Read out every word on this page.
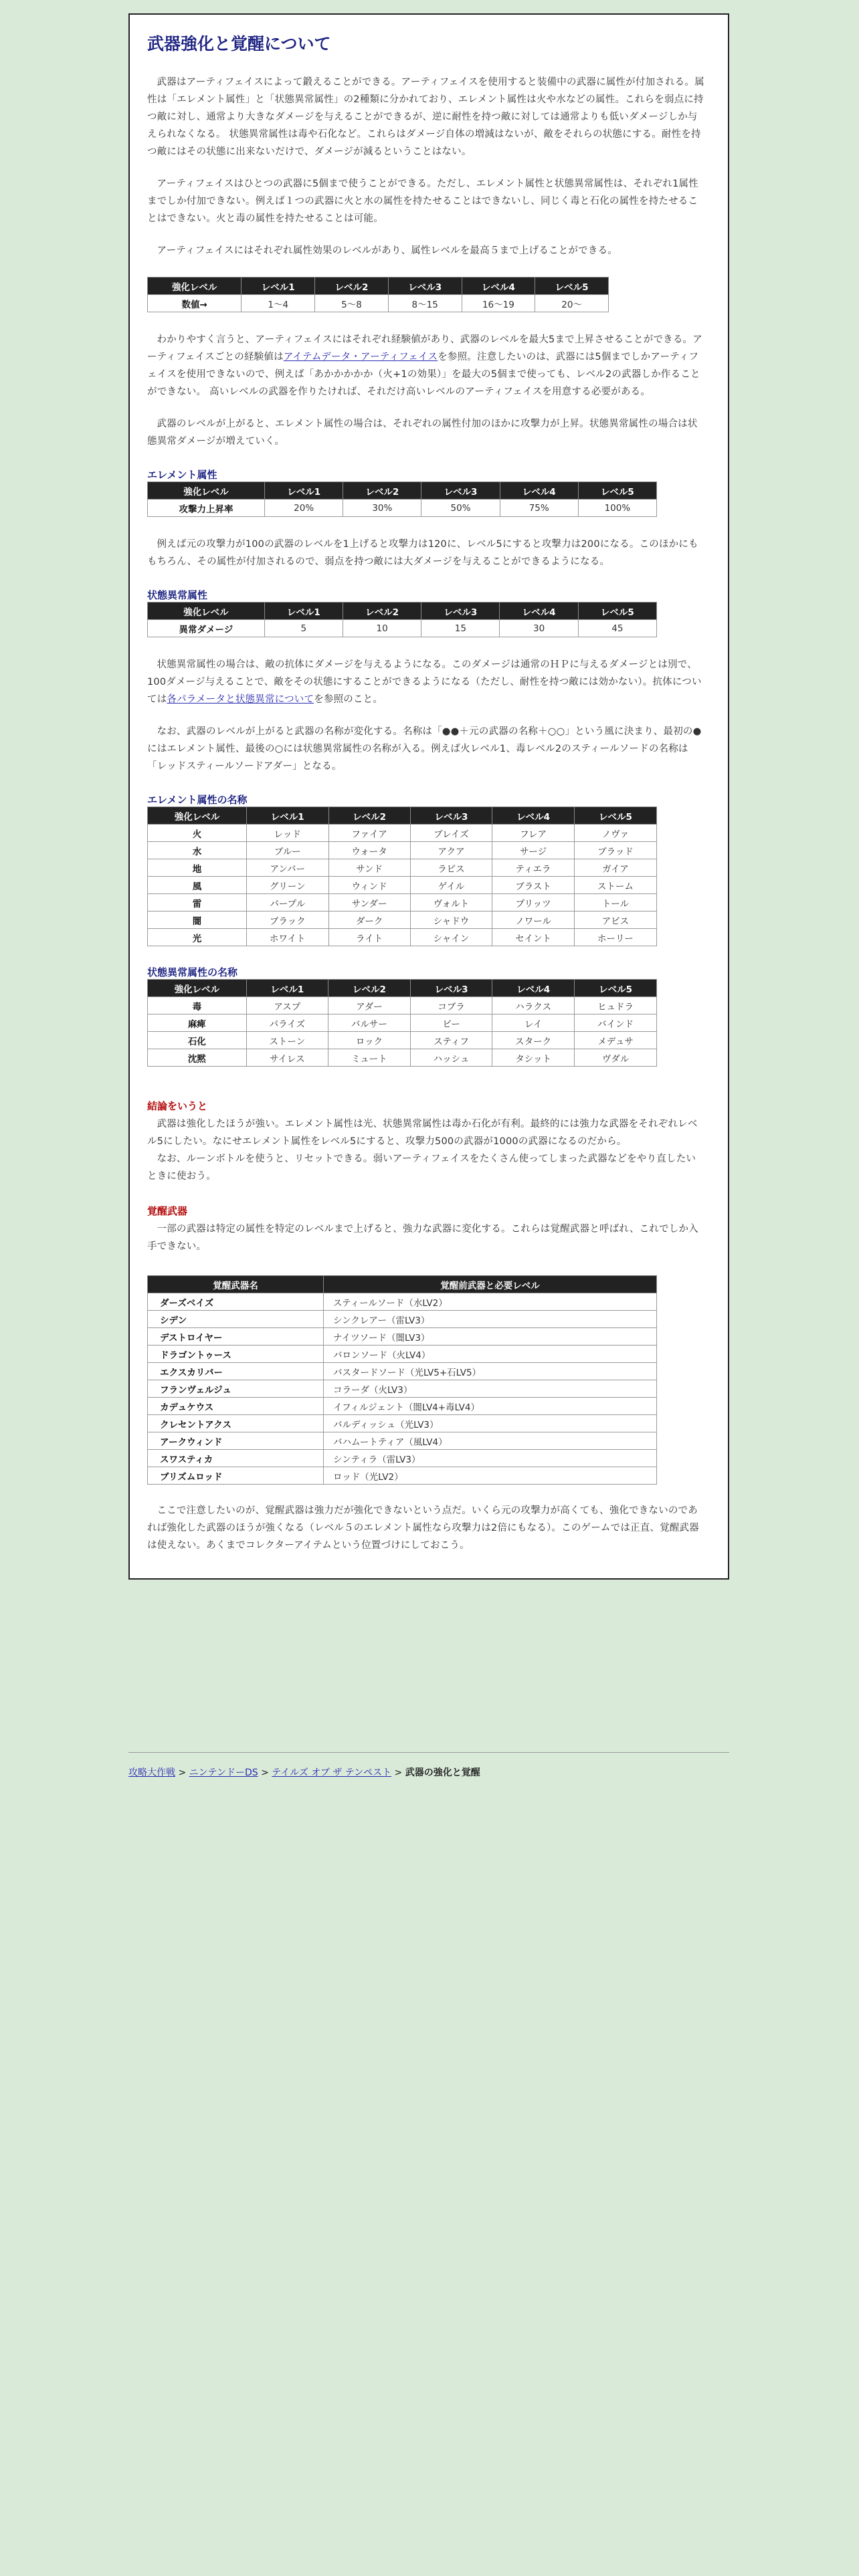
武器強化と覚醒について

武器はアーティフェイスによって鍛えることができる。アーティフェイスを使用すると装備中の武器に属性が付加される。属性は「エレメント属性」と「状態異常属性」の2種類に分かれており、エレメント属性は火や水などの属性。これらを弱点に持つ敵に対し、通常より大きなダメージを与えることができるが、逆に耐性を持つ敵に対しては通常よりも低いダメージしか与えられなくなる。 状態異常属性は毒や石化など。これらはダメージ自体の増減はないが、敵をそれらの状態にする。耐性を持つ敵にはその状態に出来ないだけで、ダメージが減るということはない。

アーティフェイスはひとつの武器に5個まで使うことができる。ただし、エレメント属性と状態異常属性は、それぞれ1属性までしか付加できない。例えば１つの武器に火と水の属性を持たせることはできないし、同じく毒と石化の属性を持たせることはできない。火と毒の属性を持たせることは可能。

アーティフェイスにはそれぞれ属性効果のレベルがあり、属性レベルを最高５まで上げることができる。

強化レベル	レベル1	レベル2	レベル3	レベル4	レベル5
数値→	1～4	5～8	8～15	16～19	20～

わかりやすく言うと、アーティフェイスにはそれぞれ経験値があり、武器のレベルを最大5まで上昇させることができる。アーティフェイスごとの経験値はアイテムデータ・アーティフェイスを参照。注意したいのは、武器には5個までしかアーティフェイスを使用できないので、例えば「あかかかかか（火+1の効果）」を最大の5個まで使っても、レベル2の武器しか作ることができない。 高いレベルの武器を作りたければ、それだけ高いレベルのアーティフェイスを用意する必要がある。

武器のレベルが上がると、エレメント属性の場合は、それぞれの属性付加のほかに攻撃力が上昇。状態異常属性の場合は状態異常ダメージが増えていく。

エレメント属性
強化レベル	レベル1	レベル2	レベル3	レベル4	レベル5
攻撃力上昇率	20%	30%	50%	75%	100%

例えば元の攻撃力が100の武器のレベルを1上げると攻撃力は120に、レベル5にすると攻撃力は200になる。このほかにももちろん、その属性が付加されるので、弱点を持つ敵には大ダメージを与えることができるようになる。

状態異常属性
強化レベル	レベル1	レベル2	レベル3	レベル4	レベル5
異常ダメージ	5	10	15	30	45

状態異常属性の場合は、敵の抗体にダメージを与えるようになる。このダメージは通常のＨＰに与えるダメージとは別で、100ダメージ与えることで、敵をその状態にすることができるようになる（ただし、耐性を持つ敵には効かない）。抗体については各パラメータと状態異常についてを参照のこと。

なお、武器のレベルが上がると武器の名称が変化する。名称は「●●＋元の武器の名称＋○○」という風に決まり、最初の●にはエレメント属性、最後の○には状態異常属性の名称が入る。例えば火レベル1、毒レベル2のスティールソードの名称は「レッドスティールソードアダー」となる。

エレメント属性の名称
強化レベル	レベル1	レベル2	レベル3	レベル4	レベル5
火	レッド	ファイア	ブレイズ	フレア	ノヴァ
水	ブルー	ウォータ	アクア	サージ	ブラッド
地	アンバー	サンド	ラピス	ティエラ	ガイア
風	グリーン	ウィンド	ゲイル	ブラスト	ストーム
雷	パープル	サンダー	ヴォルト	プリッツ	トール
闇	ブラック	ダーク	シャドウ	ノワール	アビス
光	ホワイト	ライト	シャイン	セイント	ホーリー
状態異常属性の名称
強化レベル	レベル1	レベル2	レベル3	レベル4	レベル5
毒	アスプ	アダー	コブラ	ハラクス	ヒュドラ
麻痺	パライズ	バルサー	ビー	レイ	バインド
石化	ストーン	ロック	スティフ	スターク	メデュサ
沈黙	サイレス	ミュート	ハッシュ	タシット	ヴダル
結論をいうと

武器は強化したほうが強い。エレメント属性は光、状態異常属性は毒か石化が有利。最終的には強力な武器をそれぞれレベル5にしたい。なにせエレメント属性をレベル5にすると、攻撃力500の武器が1000の武器になるのだから。

なお、ルーンボトルを使うと、リセットできる。弱いアーティフェイスをたくさん使ってしまった武器などをやり直したいときに使おう。

覚醒武器

一部の武器は特定の属性を特定のレベルまで上げると、強力な武器に変化する。これらは覚醒武器と呼ばれ、これでしか入手できない。

覚醒武器名	覚醒前武器と必要レベル
ダーズベイズ	スティールソード（水LV2）
シデン	シンクレアー（雷LV3）
デストロイヤー	ナイツソード（闇LV3）
ドラゴントゥース	バロンソード（火LV4）
エクスカリバー	バスタードソード（光LV5+石LV5）
フランヴェルジュ	コラーダ（火LV3）
カデュケウス	イフィルジェント（闇LV4+毒LV4）
クレセントアクス	バルディッシュ（光LV3）
アークウィンド	バハムートティア（風LV4）
スワスティカ	シンティラ（雷LV3）
ブリズムロッド	ロッド（光LV2）

ここで注意したいのが、覚醒武器は強力だが強化できないという点だ。いくら元の攻撃力が高くても、強化できないのであれば強化した武器のほうが強くなる（レベル５のエレメント属性なら攻撃力は2倍にもなる）。このゲームでは正直、覚醒武器は使えない。あくまでコレクターアイテムという位置づけにしておこう。

攻略大作戦 > ニンテンドーDS > テイルズ オブ ザ テンペスト > 武器の強化と覚醒
